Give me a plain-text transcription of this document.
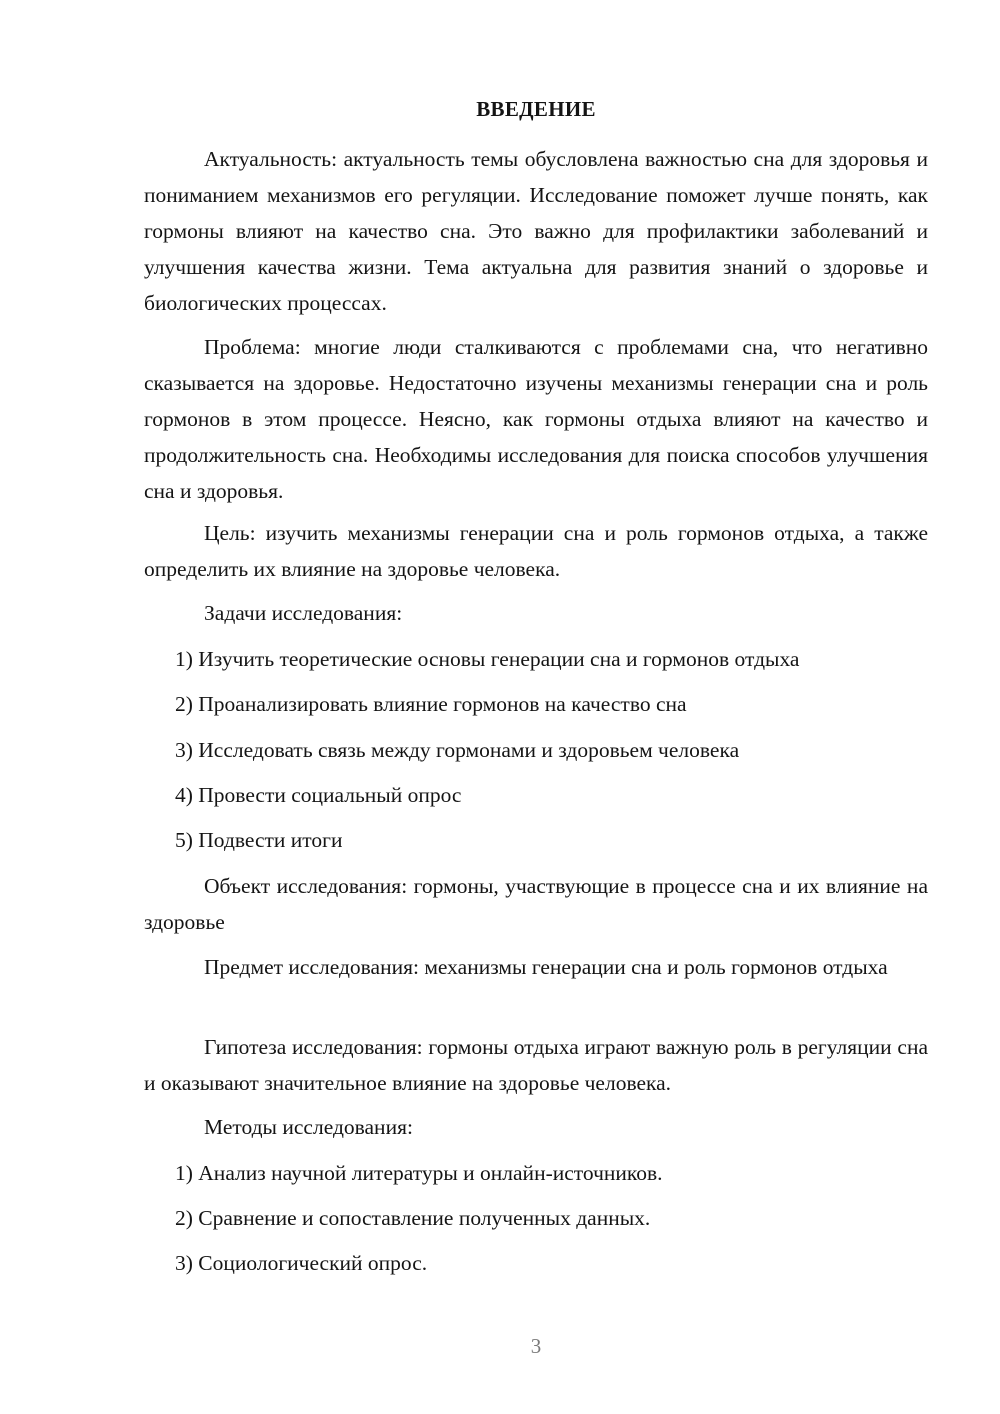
ВВЕДЕНИЕ

Актуальность: актуальность темы обусловлена важностью сна для здоровья и пониманием механизмов его регуляции. Исследование поможет лучше понять, как гормоны влияют на качество сна. Это важно для профилактики заболеваний и улучшения качества жизни. Тема актуальна для развития знаний о здоровье и биологических процессах.

Проблема: многие люди сталкиваются с проблемами сна, что негативно сказывается на здоровье. Недостаточно изучены механизмы генерации сна и роль гормонов в этом процессе. Неясно, как гормоны отдыха влияют на качество и продолжительность сна. Необходимы исследования для поиска способов улучшения сна и здоровья.

Цель: изучить механизмы генерации сна и роль гормонов отдыха, а также определить их влияние на здоровье человека.

Задачи исследования:

1) Изучить теоретические основы генерации сна и гормонов отдыха

2) Проанализировать влияние гормонов на качество сна

3) Исследовать связь между гормонами и здоровьем человека

4) Провести социальный опрос

5) Подвести итоги

Объект исследования: гормоны, участвующие в процессе сна и их влияние на здоровье

Предмет исследования: механизмы генерации сна и роль гормонов отдыха

Гипотеза исследования: гормоны отдыха играют важную роль в регуляции сна и оказывают значительное влияние на здоровье человека.

Методы исследования:

1) Анализ научной литературы и онлайн-источников.

2) Сравнение и сопоставление полученных данных.

3) Социологический опрос.

3
